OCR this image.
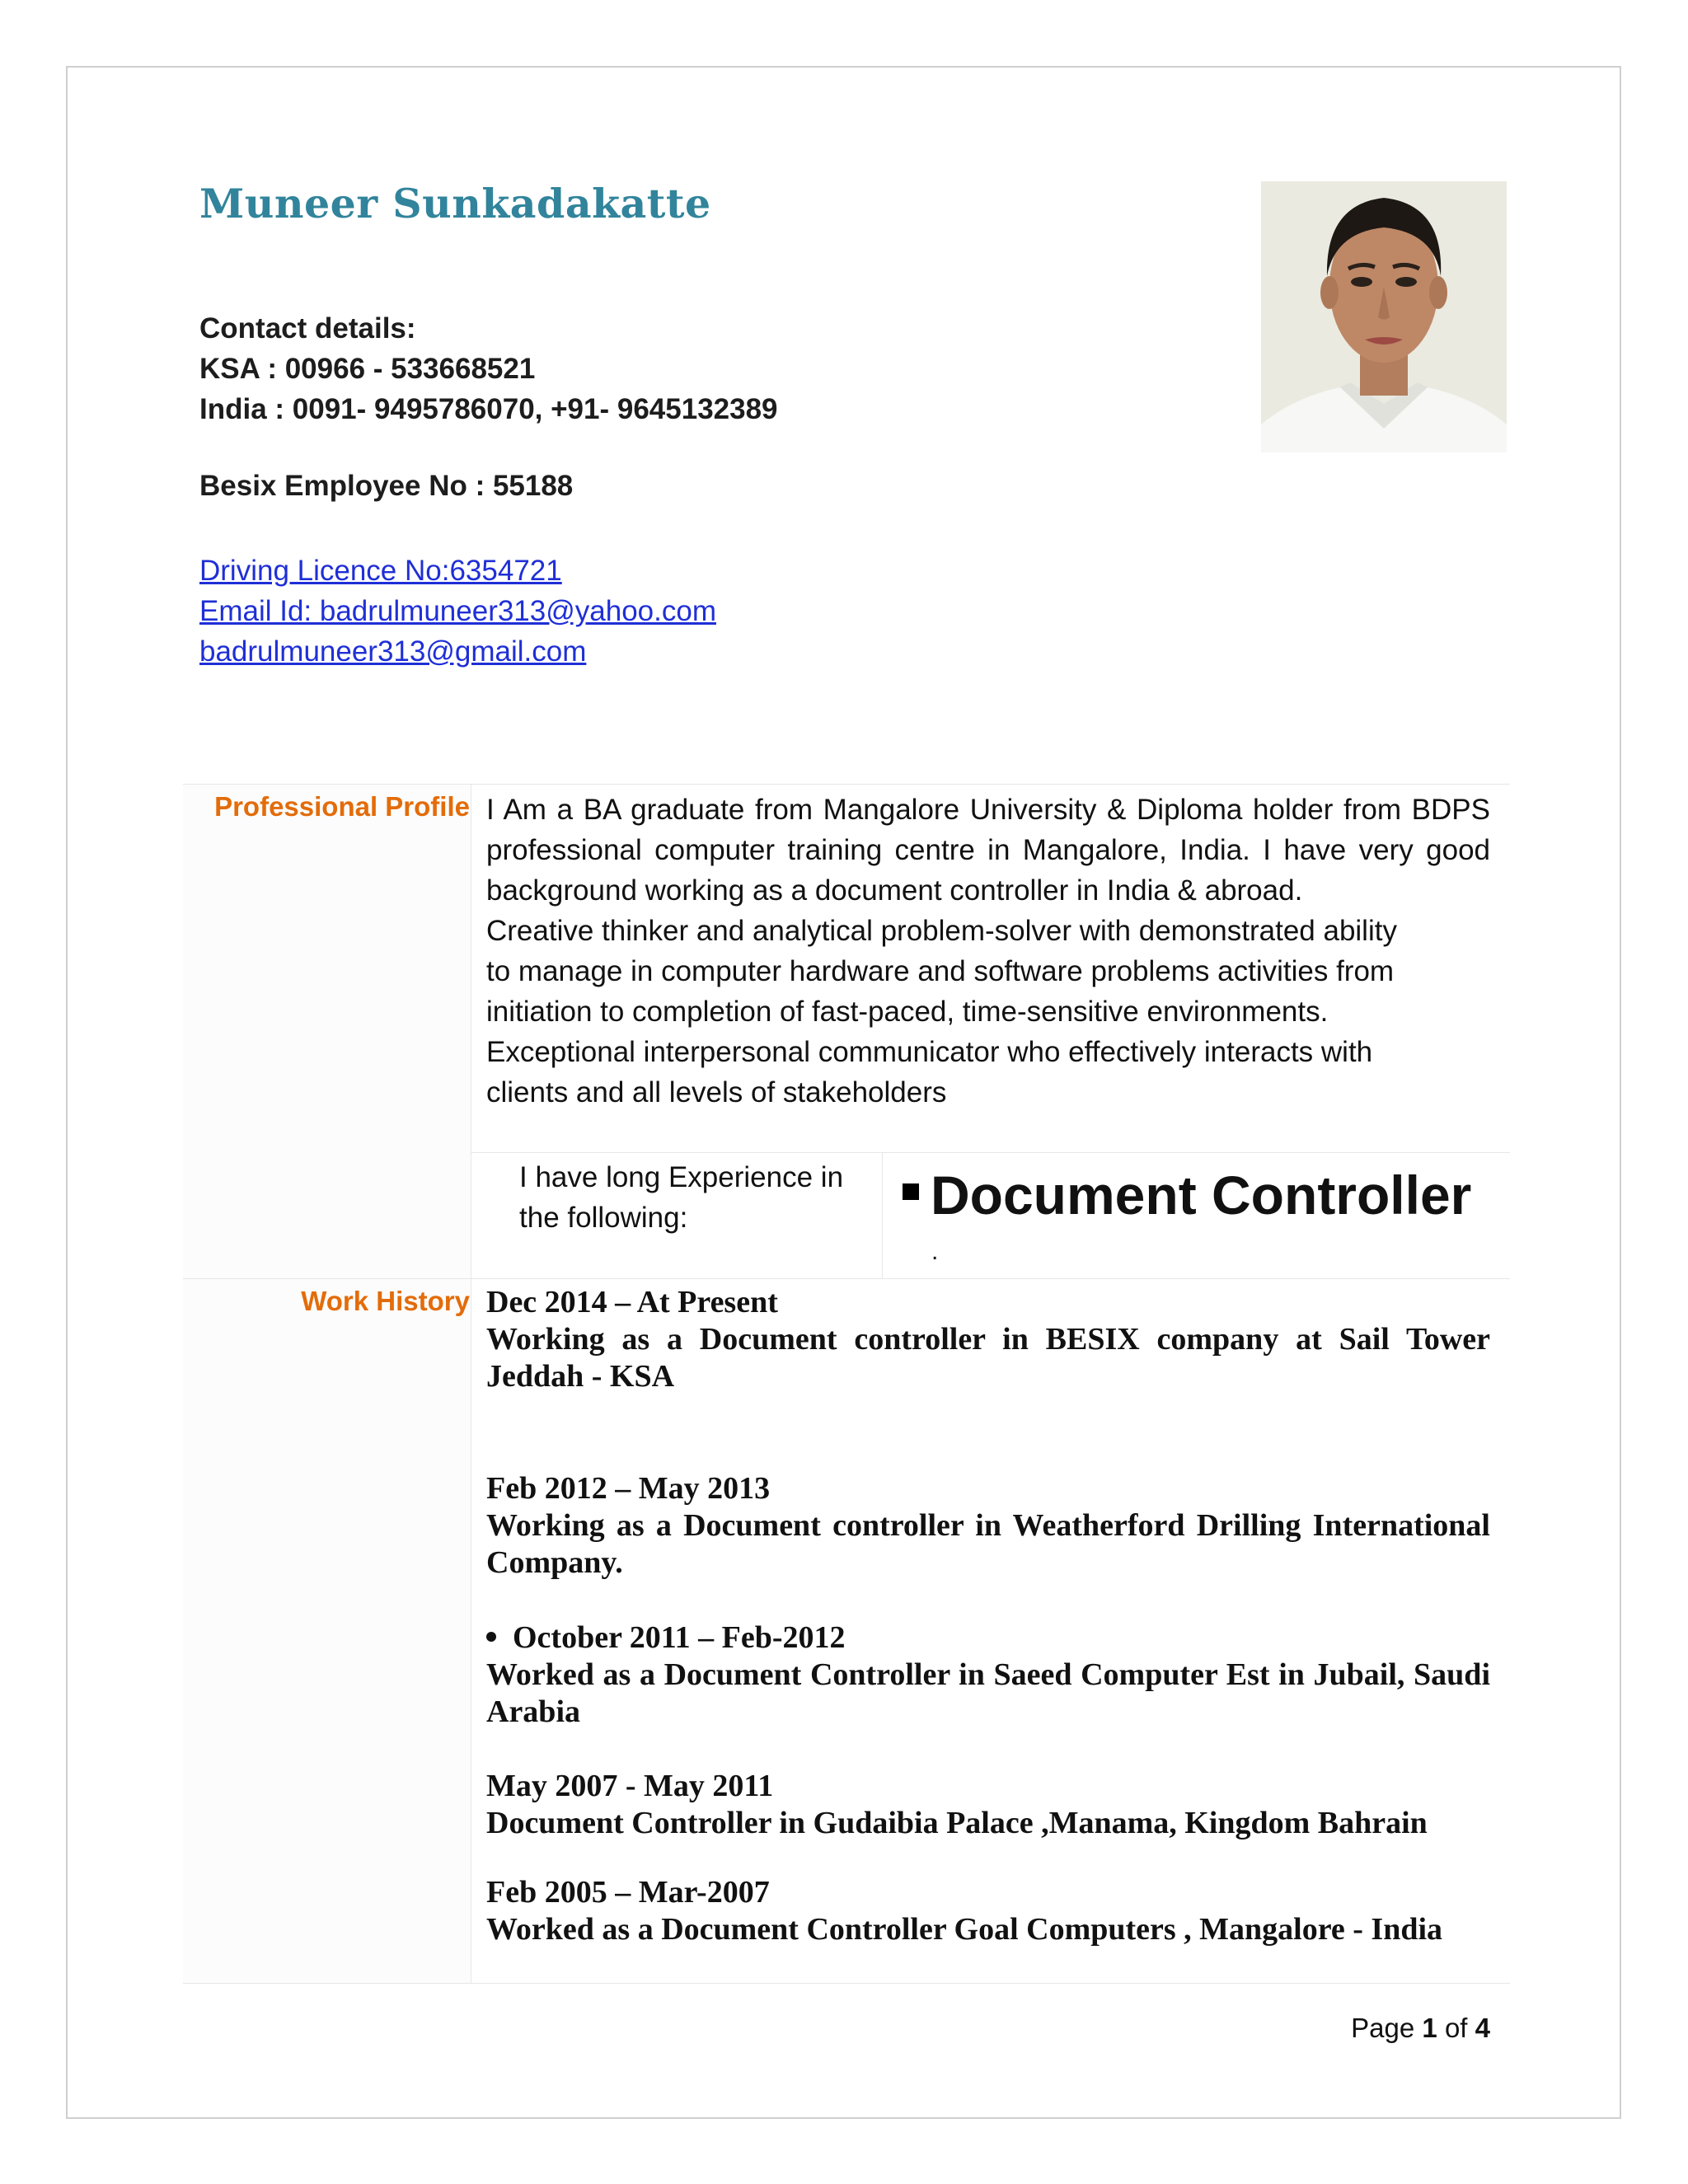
Muneer Sunkadakatte
Contact details:
KSA : 00966 - 533668521
India : 0091- 9495786070, +91- 9645132389
Besix Employee No : 55188
Driving Licence No:6354721
Email Id: badrulmuneer313@yahoo.com
badrulmuneer313@gmail.com
Professional Profile I Am a BA graduate from Mangalore University & Diploma holder from BDPS professional computer training centre in Mangalore, India. I have very good background working as a document controller in India & abroad.

Creative thinker and analytical problem-solver with demonstrated ability

to manage in computer hardware and software problems activities from

initiation to completion of fast-paced, time-sensitive environments.

Exceptional interpersonal communicator who effectively interacts with

clients and all levels of stakeholders

I have long Experience in the following:	Document Controller
.
Work History Dec 2014 – At Present
Working as a Document controller in BESIX company at Sail Tower Jeddah - KSA
Feb 2012 – May 2013
Working as a Document controller in Weatherford Drilling International Company.
October 2011 – Feb-2012
Worked as a Document Controller in Saeed Computer Est in Jubail, Saudi Arabia
May 2007 - May 2011
Document Controller in Gudaibia Palace ,Manama, Kingdom Bahrain
Feb 2005 – Mar-2007
Worked as a Document Controller Goal Computers , Mangalore - India
Page 1 of 4
